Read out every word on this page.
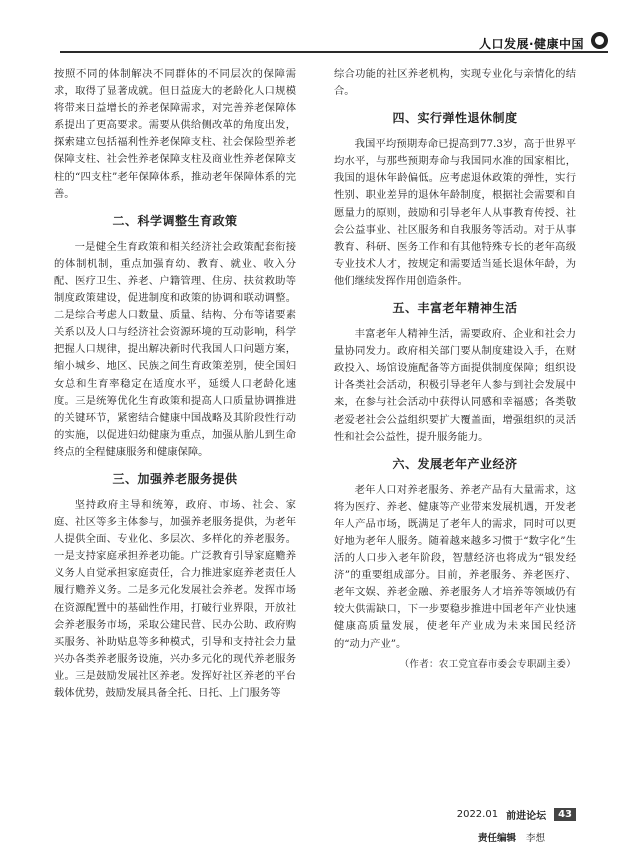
人口发展·健康中国

按照不同的体制解决不同群体的不同层次的保障需求，取得了显著成就。但日益庞大的老龄化人口规模将带来日益增长的养老保障需求，对完善养老保障体系提出了更高要求。需要从供给侧改革的角度出发，探索建立包括福利性养老保障支柱、社会保险型养老保障支柱、社会性养老保障支柱及商业性养老保障支柱的“四支柱”老年保障体系，推动老年保障体系的完善。

二、科学调整生育政策

一是健全生育政策和相关经济社会政策配套衔接的体制机制，重点加强育幼、教育、就业、收入分配、医疗卫生、养老、户籍管理、住房、扶贫救助等制度政策建设，促进制度和政策的协调和联动调整。二是综合考虑人口数量、质量、结构、分布等诸要素关系以及人口与经济社会资源环境的互动影响，科学把握人口规律，提出解决新时代我国人口问题方案，缩小城乡、地区、民族之间生育政策差别，使全国妇女总和生育率稳定在适度水平，延缓人口老龄化速度。三是统筹优化生育政策和提高人口质量协调推进的关键环节，紧密结合健康中国战略及其阶段性行动的实施，以促进妇幼健康为重点，加强从胎儿到生命终点的全程健康服务和健康保障。

三、加强养老服务提供

坚持政府主导和统筹，政府、市场、社会、家庭、社区等多主体参与，加强养老服务提供，为老年人提供全面、专业化、多层次、多样化的养老服务。一是支持家庭承担养老功能。广泛教育引导家庭赡养义务人自觉承担家庭责任，合力推进家庭养老责任人履行赡养义务。二是多元化发展社会养老。发挥市场在资源配置中的基础性作用，打破行业界限，开放社会养老服务市场，采取公建民营、民办公助、政府购买服务、补助贴息等多种模式，引导和支持社会力量兴办各类养老服务设施，兴办多元化的现代养老服务业。三是鼓励发展社区养老。发挥好社区养老的平台载体优势，鼓励发展具备全托、日托、上门服务等

综合功能的社区养老机构，实现专业化与亲情化的结合。

四、实行弹性退休制度

我国平均预期寿命已提高到77.3岁，高于世界平均水平，与那些预期寿命与我国同水准的国家相比，我国的退休年龄偏低。应考虑退休政策的弹性，实行性别、职业差异的退休年龄制度，根据社会需要和自愿量力的原则，鼓励和引导老年人从事教育传授、社会公益事业、社区服务和自我服务等活动。对于从事教育、科研、医务工作和有其他特殊专长的老年高级专业技术人才，按规定和需要适当延长退休年龄，为他们继续发挥作用创造条件。

五、丰富老年精神生活

丰富老年人精神生活，需要政府、企业和社会力量协同发力。政府相关部门要从制度建设入手，在财政投入、场馆设施配备等方面提供制度保障；组织设计各类社会活动，积极引导老年人参与到社会发展中来，在参与社会活动中获得认同感和幸福感；各类敬老爱老社会公益组织要扩大覆盖面，增强组织的灵活性和社会公益性，提升服务能力。

六、发展老年产业经济

老年人口对养老服务、养老产品有大量需求，这将为医疗、养老、健康等产业带来发展机遇，开发老年人产品市场，既满足了老年人的需求，同时可以更好地为老年人服务。随着越来越多习惯于“数字化”生活的人口步入老年阶段，智慧经济也将成为“银发经济”的重要组成部分。目前，养老服务、养老医疗、老年文娱、养老金融、养老服务人才培养等领域仍有较大供需缺口，下一步要稳步推进中国老年产业快速健康高质量发展，使老年产业成为未来国民经济的“动力产业”。

（作者：农工党宜春市委会专职副主委）
责任编辑 李想
2022.01 前进论坛	43
